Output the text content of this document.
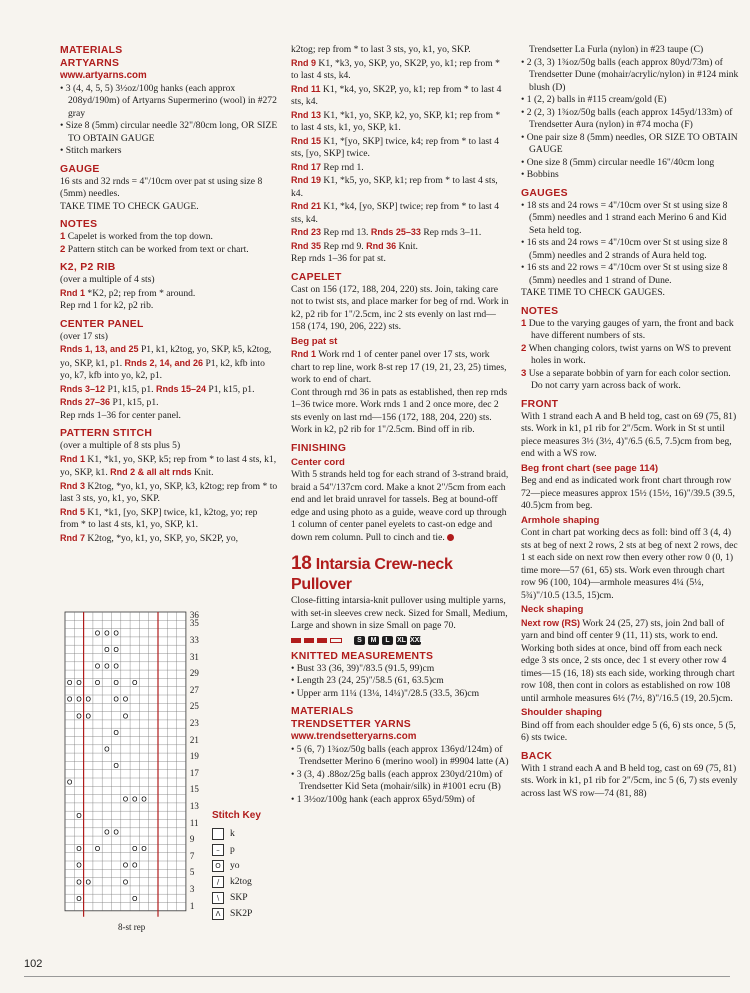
MATERIALS
ARTYARNS
www.artyarns.com

• 3 (4, 4, 5, 5) 3½oz/100g hanks (each approx 208yd/190m) of Artyarns Supermerino (wool) in #272 gray

• Size 8 (5mm) circular needle 32"/80cm long, OR SIZE TO OBTAIN GAUGE

• Stitch markers

GAUGE

16 sts and 32 rnds = 4"/10cm over pat st using size 8 (5mm) needles.

TAKE TIME TO CHECK GAUGE.

NOTES

1 Capelet is worked from the top down.

2 Pattern stitch can be worked from text or chart.

K2, P2 RIB

(over a multiple of 4 sts)

Rnd 1 *K2, p2; rep from * around.

Rep rnd 1 for k2, p2 rib.

CENTER PANEL

(over 17 sts)

Rnds 1, 13, and 25 P1, k1, k2tog, yo, SKP, k5, k2tog, yo, SKP, k1, p1. Rnds 2, 14, and 26 P1, k2, kfb into yo, k7, kfb into yo, k2, p1.

Rnds 3–12 P1, k15, p1. Rnds 15–24 P1, k15, p1. Rnds 27–36 P1, k15, p1.

Rep rnds 1–36 for center panel.

PATTERN STITCH

(over a multiple of 8 sts plus 5)

Rnd 1 K1, *k1, yo, SKP, k5; rep from * to last 4 sts, k1, yo, SKP, k1. Rnd 2 & all alt rnds Knit.

Rnd 3 K2tog, *yo, k1, yo, SKP, k3, k2tog; rep from * to last 3 sts, yo, k1, yo, SKP.

Rnd 5 K1, *k1, [yo, SKP] twice, k1, k2tog, yo; rep from * to last 4 sts, k1, yo, SKP, k1.

Rnd 7 K2tog, *yo, k1, yo, SKP, yo, SK2P, yo,

O O O
O O
O O O
O O O O O
O O O	O O
O O	O
O
O
O
O
O
O O
O
O O
O O	O O
O	O O
O O	O
O	O
36
35
33
31
29
27
25
23
21
19
17
15
13
11
9
7
5
3
1
8-st rep
Stitch Key
k
–	p
O yo
/	k2tog
\	SKP
Λ	SK2P

k2tog; rep from * to last 3 sts, yo, k1, yo, SKP.

Rnd 9 K1, *k3, yo, SKP, yo, SK2P, yo, k1; rep from * to last 4 sts, k4.

Rnd 11 K1, *k4, yo, SK2P, yo, k1; rep from * to last 4 sts, k4.

Rnd 13 K1, *k1, yo, SKP, k2, yo, SKP, k1; rep from * to last 4 sts, k1, yo, SKP, k1.

Rnd 15 K1, *[yo, SKP] twice, k4; rep from * to last 4 sts, [yo, SKP] twice.

Rnd 17 Rep rnd 1.

Rnd 19 K1, *k5, yo, SKP, k1; rep from * to last 4 sts, k4.

Rnd 21 K1, *k4, [yo, SKP] twice; rep from * to last 4 sts, k4.

Rnd 23 Rep rnd 13. Rnds 25–33 Rep rnds 3–11.

Rnd 35 Rep rnd 9. Rnd 36 Knit.

Rep rnds 1–36 for pat st.

CAPELET

Cast on 156 (172, 188, 204, 220) sts. Join, taking care not to twist sts, and place marker for beg of rnd. Work in k2, p2 rib for 1"/2.5cm, inc 2 sts evenly on last rnd—158 (174, 190, 206, 222) sts.

Beg pat st

Rnd 1 Work rnd 1 of center panel over 17 sts, work chart to rep line, work 8-st rep 17 (19, 21, 23, 25) times, work to end of chart.

Cont through rnd 36 in pats as established, then rep rnds 1–36 twice more. Work rnds 1 and 2 once more, dec 2 sts evenly on last rnd—156 (172, 188, 204, 220) sts. Work in k2, p2 rib for 1"/2.5cm. Bind off in rib.

FINISHING
Center cord

With 5 strands held tog for each strand of 3-strand braid, braid a 54"/137cm cord. Make a knot 2"/5cm from each end and let braid unravel for tassels. Beg at bound-off edge and using photo as a guide, weave cord up through 1 column of center panel eyelets to cast-on edge and down rem column. Pull to cinch and tie.

18 Intarsia Crew-neck Pullover

Close-fitting intarsia-knit pullover using multiple yarns, with set-in sleeves crew neck. Sized for Small, Medium, Large and shown in size Small on page 70.

S	M	L	XL XXL
KNITTED MEASUREMENTS

• Bust 33 (36, 39)"/83.5 (91.5, 99)cm

• Length 23 (24, 25)"/58.5 (61, 63.5)cm

• Upper arm 11¼ (13¼, 14¼)"/28.5 (33.5, 36)cm

MATERIALS
TRENDSETTER YARNS
www.trendsetteryarns.com

• 5 (6, 7) 1¾oz/50g balls (each approx 136yd/124m) of Trendsetter Merino 6 (merino wool) in #9904 latte (A)

• 3 (3, 4) .88oz/25g balls (each approx 230yd/210m) of Trendsetter Kid Seta (mohair/silk) in #1001 ecru (B)

• 1 3½oz/100g hank (each approx 65yd/59m) of

Trendsetter La Furla (nylon) in #23 taupe (C)

• 2 (3, 3) 1¾oz/50g balls (each approx 80yd/73m) of Trendsetter Dune (mohair/acrylic/nylon) in #124 mink blush (D)

• 1 (2, 2) balls in #115 cream/gold (E)

• 2 (2, 3) 1¾oz/50g balls (each approx 145yd/133m) of Trendsetter Aura (nylon) in #74 mocha (F)

• One pair size 8 (5mm) needles, OR SIZE TO OBTAIN GAUGE

• One size 8 (5mm) circular needle 16"/40cm long

• Bobbins

GAUGES

• 18 sts and 24 rows = 4"/10cm over St st using size 8 (5mm) needles and 1 strand each Merino 6 and Kid Seta held tog.

• 16 sts and 24 rows = 4"/10cm over St st using size 8 (5mm) needles and 2 strands of Aura held tog.

• 16 sts and 22 rows = 4"/10cm over St st using size 8 (5mm) needles and 1 strand of Dune.

TAKE TIME TO CHECK GAUGES.

NOTES

1 Due to the varying gauges of yarn, the front and back have different numbers of sts.

2 When changing colors, twist yarns on WS to prevent holes in work.

3 Use a separate bobbin of yarn for each color section. Do not carry yarn across back of work.

FRONT

With 1 strand each A and B held tog, cast on 69 (75, 81) sts. Work in k1, p1 rib for 2"/5cm. Work in St st until piece measures 3½ (3½, 4)"/6.5 (6.5, 7.5)cm from beg, end with a WS row.

Beg front chart (see page 114)

Beg and end as indicated work front chart through row 72—piece measures approx 15½ (15½, 16)"/39.5 (39.5, 40.5)cm from beg.

Armhole shaping

Cont in chart pat working decs as foll: bind off 3 (4, 4) sts at beg of next 2 rows, 2 sts at beg of next 2 rows, dec 1 st each side on next row then every other row 0 (0, 1) time more—57 (61, 65) sts. Work even through chart row 96 (100, 104)—armhole measures 4¼ (5¼, 5¾)"/10.5 (13.5, 15)cm.

Neck shaping

Next row (RS) Work 24 (25, 27) sts, join 2nd ball of yarn and bind off center 9 (11, 11) sts, work to end. Working both sides at once, bind off from each neck edge 3 sts once, 2 sts once, dec 1 st every other row 4 times—15 (16, 18) sts each side, working through chart row 108, then cont in colors as established on row 108 until armhole measures 6½ (7½, 8)"/16.5 (19, 20.5)cm.

Shoulder shaping

Bind off from each shoulder edge 5 (6, 6) sts once, 5 (5, 6) sts twice.

BACK

With 1 strand each A and B held tog, cast on 69 (75, 81) sts. Work in k1, p1 rib for 2"/5cm, inc 5 (6, 7) sts evenly across last WS row—74 (81, 88)

102
